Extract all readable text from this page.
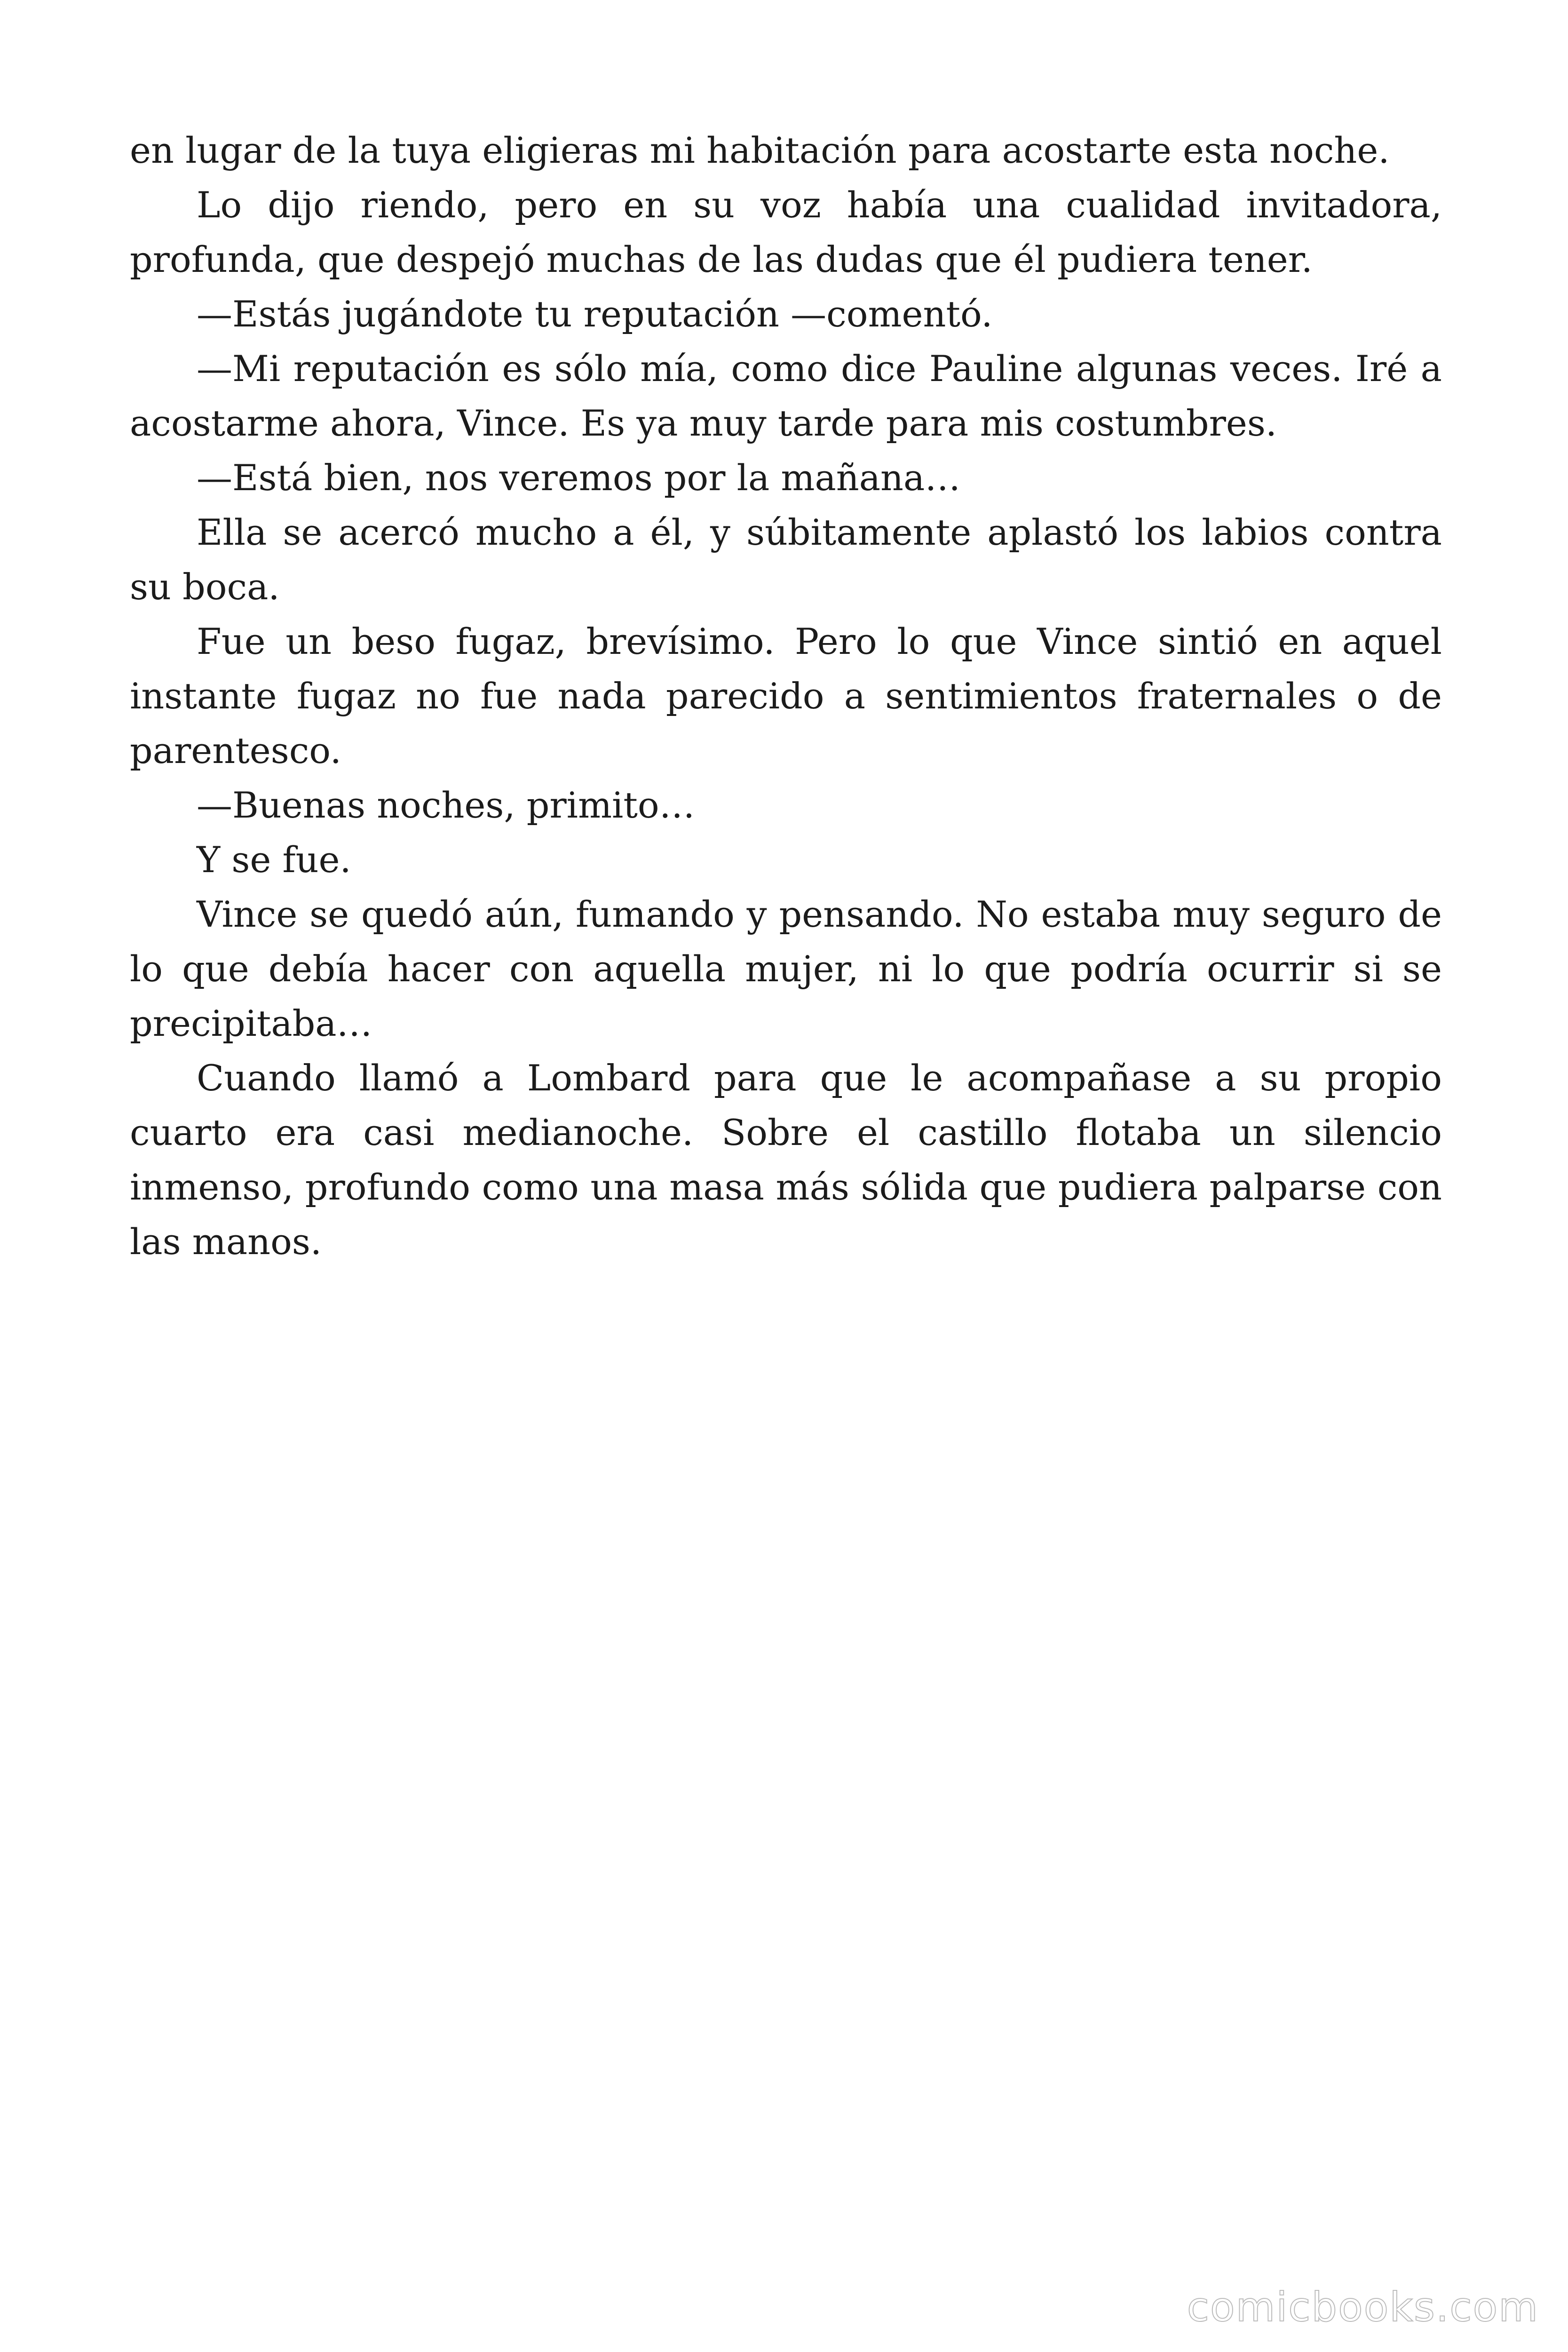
en lugar de la tuya eligieras mi habitación para acostarte esta noche.

Lo dijo riendo, pero en su voz había una cualidad invitadora, profunda, que despejó muchas de las dudas que él pudiera tener.

—Estás jugándote tu reputación —comentó.

—Mi reputación es sólo mía, como dice Pauline algunas veces. Iré a acostarme ahora, Vince. Es ya muy tarde para mis costumbres.

—Está bien, nos veremos por la mañana…

Ella se acercó mucho a él, y súbitamente aplastó los labios contra su boca.

Fue un beso fugaz, brevísimo. Pero lo que Vince sintió en aquel instante fugaz no fue nada parecido a sentimientos fraternales o de parentesco.

—Buenas noches, primito…

Y se fue.

Vince se quedó aún, fumando y pensando. No estaba muy seguro de lo que debía hacer con aquella mujer, ni lo que podría ocurrir si se precipitaba…

Cuando llamó a Lombard para que le acompañase a su propio cuarto era casi medianoche. Sobre el castillo flotaba un silencio inmenso, profundo como una masa más sólida que pudiera palparse con las manos.

comicbooks.com
